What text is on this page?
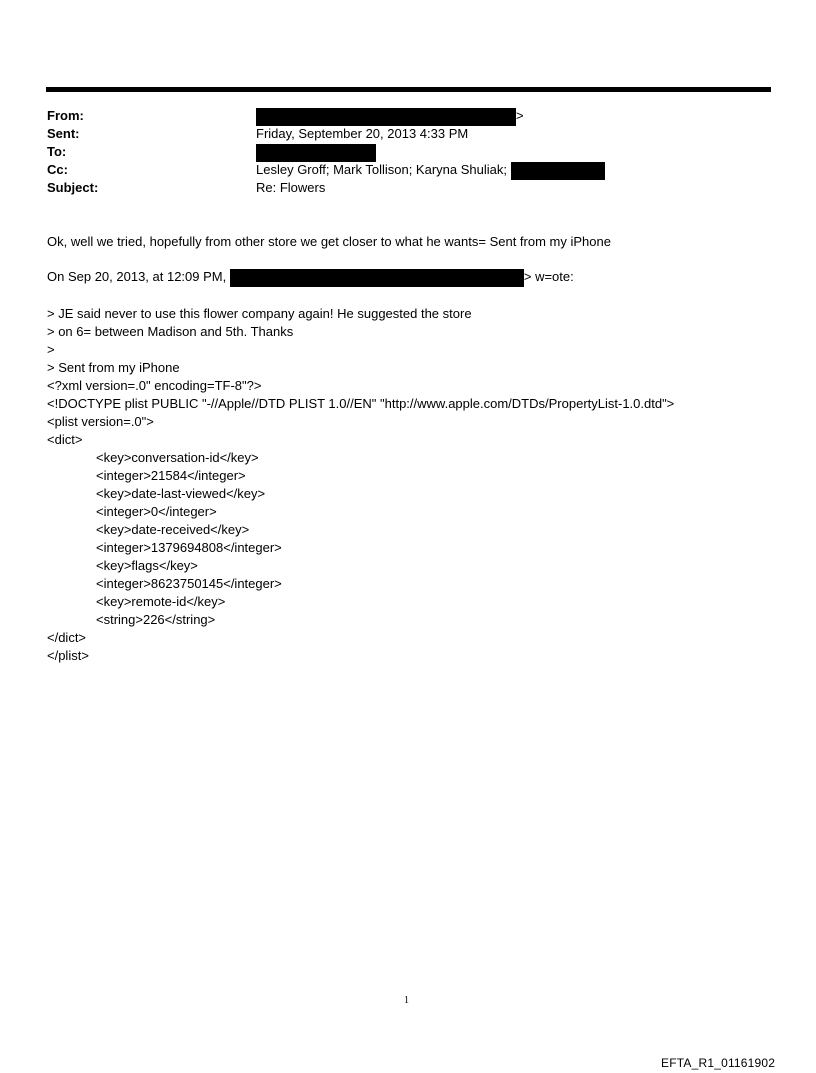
From:	>
Sent:	Friday, September 20, 2013 4:33 PM
To:
Cc:	Lesley Groff; Mark Tollison; Karyna Shuliak;
Subject:	Re: Flowers
Ok, well we tried, hopefully from other store we get closer to what he wants= Sent from my iPhone
On Sep 20, 2013, at 12:09 PM,	> w=ote:
> JE said never to use this flower company again! He suggested the store
> on 6= between Madison and 5th. Thanks
>
> Sent from my iPhone
<?xml version=.0" encoding=TF-8"?>
<!DOCTYPE plist PUBLIC "-//Apple//DTD PLIST 1.0//EN" "http://www.apple.com/DTDs/PropertyList-1.0.dtd">
<plist version=.0">
<dict>
<key>conversation-id</key>
<integer>21584</integer>
<key>date-last-viewed</key>
<integer>0</integer>
<key>date-received</key>
<integer>1379694808</integer>
<key>flags</key>
<integer>8623750145</integer>
<key>remote-id</key>
<string>226</string>
</dict>
</plist>
1
EFTA_R1_01161902
